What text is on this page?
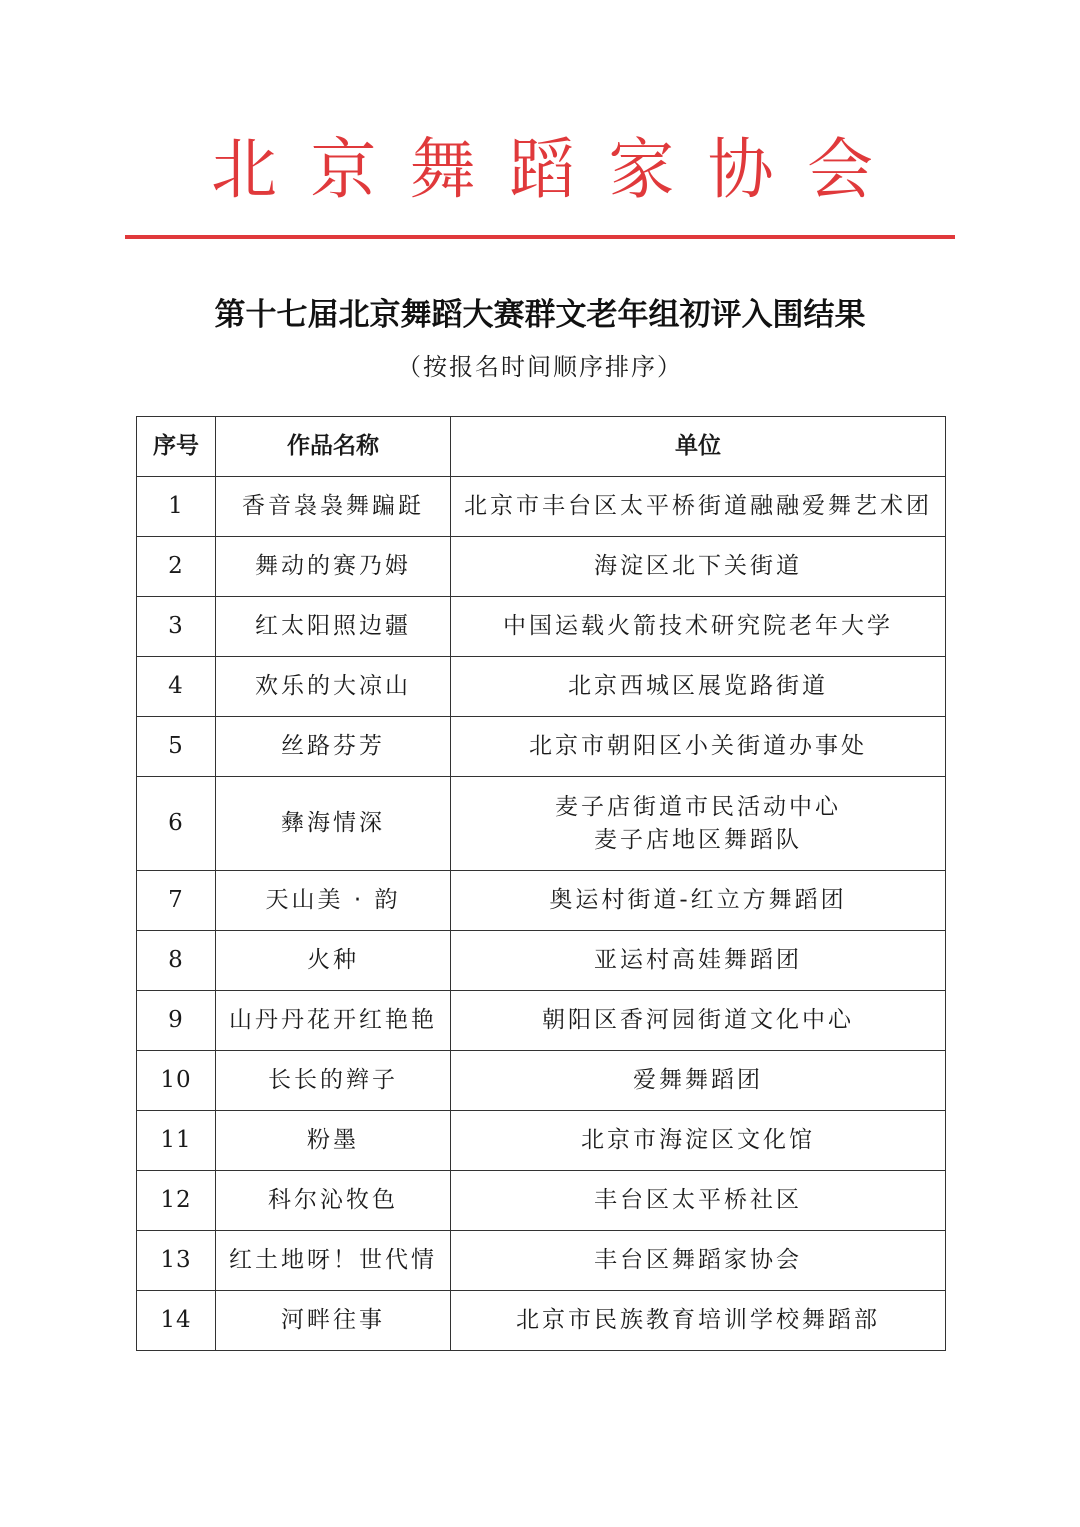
北 京 舞 蹈 家 协 会
第十七届北京舞蹈大赛群文老年组初评入围结果
（按报名时间顺序排序）
序号	作品名称	单位
1	香音袅袅舞蹁跹	北京市丰台区太平桥街道融融爱舞艺术团

2	舞动的赛乃姆	海淀区北下关街道

3	红太阳照边疆	中国运载火箭技术研究院老年大学

4	欢乐的大凉山	北京西城区展览路街道

5	丝路芬芳	北京市朝阳区小关街道办事处

6	彝海情深	麦子店街道市民活动中心
麦子店地区舞蹈队

7	天山美 · 韵	奥运村街道-红立方舞蹈团

8	火种	亚运村高娃舞蹈团

9	山丹丹花开红艳艳	朝阳区香河园街道文化中心

10	长长的辫子	爱舞舞蹈团

11	粉墨	北京市海淀区文化馆

12	科尔沁牧色	丰台区太平桥社区

13	红土地呀！世代情	丰台区舞蹈家协会

14	河畔往事	北京市民族教育培训学校舞蹈部
